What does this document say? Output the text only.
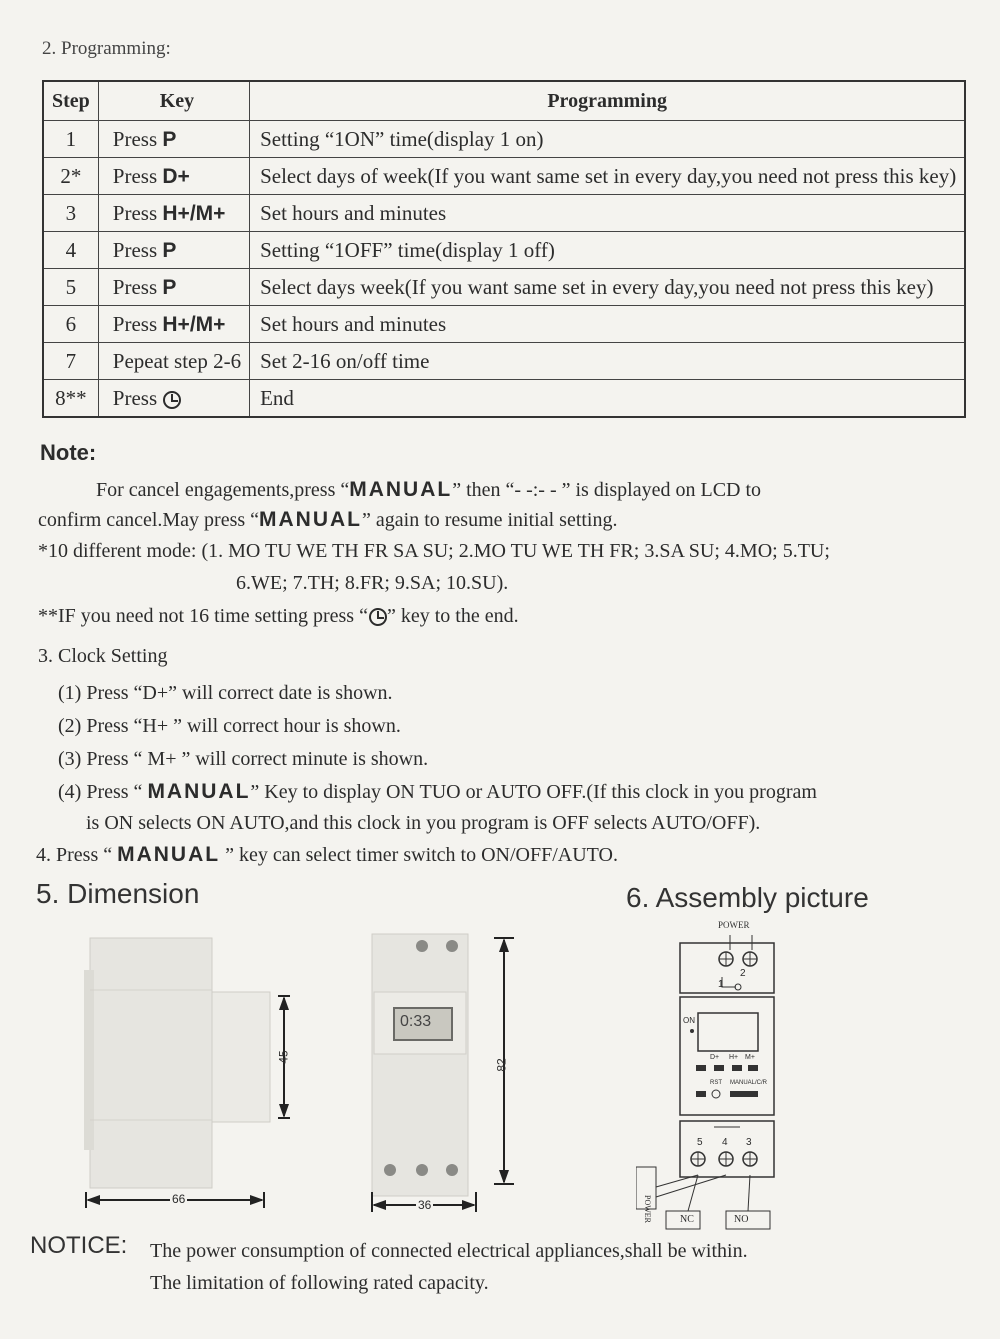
2. Programming:
Step	Key	Programming
1	Press P	Setting “1ON” time(display 1 on)
2*	Press D+	Select days of week(If you want same set in every day,you need not press this key)
3	Press H+/M+	Set hours and minutes
4	Press P	Setting “1OFF” time(display 1 off)
5	Press P	Select days week(If you want same set in every day,you need not press this key)
6	Press H+/M+	Set hours and minutes
7	Pepeat step 2-6	Set 2-16 on/off time
8**	Press	End
Note:
For cancel engagements,press “MANUAL” then “- -:- - ” is displayed on LCD to
confirm cancel.May press “MANUAL” again to resume initial setting.
*10 different mode: (1. MO TU WE TH FR SA SU; 2.MO TU WE TH FR; 3.SA SU; 4.MO; 5.TU;
6.WE; 7.TH; 8.FR; 9.SA; 10.SU).
**IF you need not 16 time setting press “ ” key to the end.
3. Clock Setting
(1) Press “D+” will correct date is shown.
(2) Press “H+ ” will correct hour is shown.
(3) Press “ M+ ” will correct minute is shown.
(4) Press “ MANUAL” Key to display ON TUO or AUTO OFF.(If this clock in you program
is ON selects ON AUTO,and this clock in you program is OFF selects AUTO/OFF).
4. Press “ MANUAL ” key can select timer switch to ON/OFF/AUTO.
5. Dimension	6. Assembly picture
66
45
0:33
36
82
POWER
2
1
ON
D+ H+ M+
RST MANUAL/C/R
5 4 3
POWER	NC	NO
NOTICE: The power consumption of connected electrical appliances,shall be within.
The limitation of following rated capacity.
